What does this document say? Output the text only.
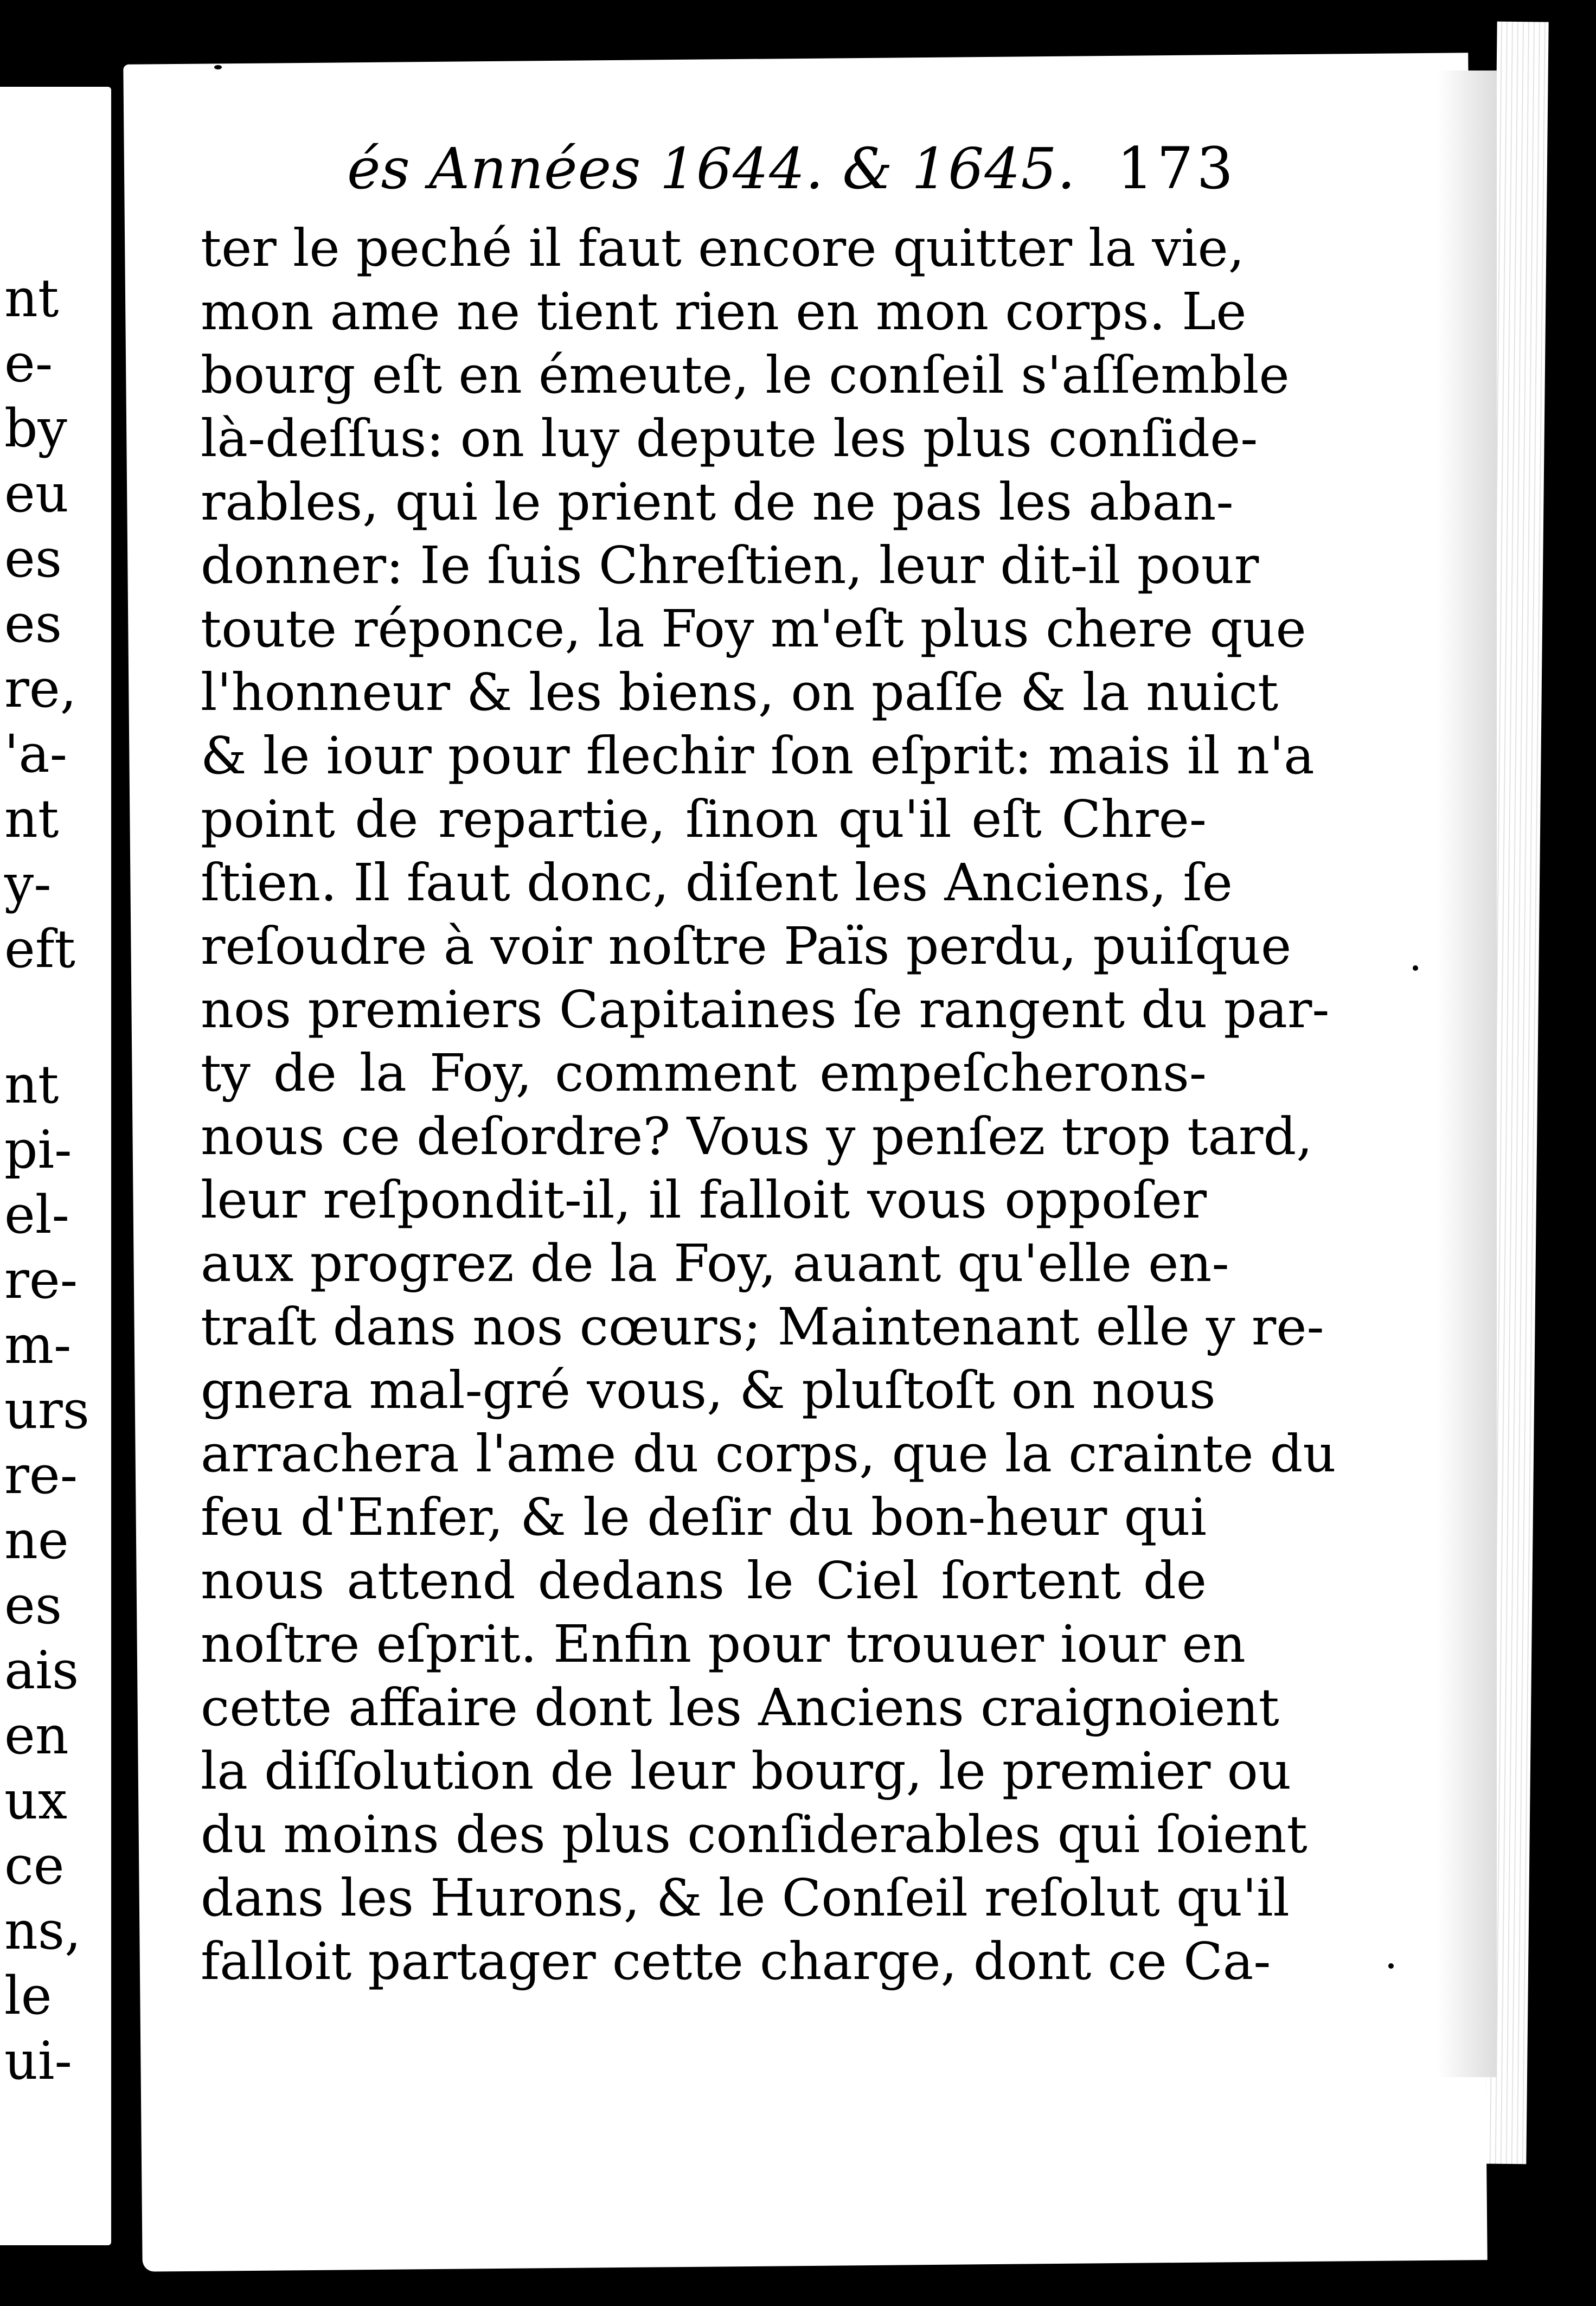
nt
e-
by
eu
es
es
re,
'a-
nt
y-
eft
nt
pi-
el-
re-
m-
urs
re-
ne
es
ais
en
ux
ce
ns,
le
ui-
és Années 1644. & 1645. 173
ter le peché il faut encore quitter la vie,
mon ame ne tient rien en mon corps. Le
bourg eſt en émeute, le conſeil s'aſſemble
là-deſſus: on luy depute les plus conſide-
rables, qui le prient de ne pas les aban-
donner: Ie ſuis Chreſtien, leur dit-il pour
toute réponce, la Foy m'eſt plus chere que
l'honneur & les biens, on paſſe & la nuict
& le iour pour flechir ſon eſprit: mais il n'a
point de repartie, ſinon qu'il eſt Chre-
ſtien. Il faut donc, diſent les Anciens, ſe
reſoudre à voir noſtre Païs perdu, puiſque
nos premiers Capitaines ſe rangent du par-
ty de la Foy, comment empeſcherons-
nous ce deſordre? Vous y penſez trop tard,
leur reſpondit-il, il falloit vous oppoſer
aux progrez de la Foy, auant qu'elle en-
traſt dans nos cœurs; Maintenant elle y re-
gnera mal-gré vous, & pluſtoſt on nous
arrachera l'ame du corps, que la crainte du
feu d'Enfer, & le deſir du bon-heur qui
nous attend dedans le Ciel ſortent de
noſtre eſprit. Enfin pour trouuer iour en
cette affaire dont les Anciens craignoient
la diſſolution de leur bourg, le premier ou
du moins des plus conſiderables qui ſoient
dans les Hurons, & le Conſeil reſolut qu'il
falloit partager cette charge, dont ce Ca-
